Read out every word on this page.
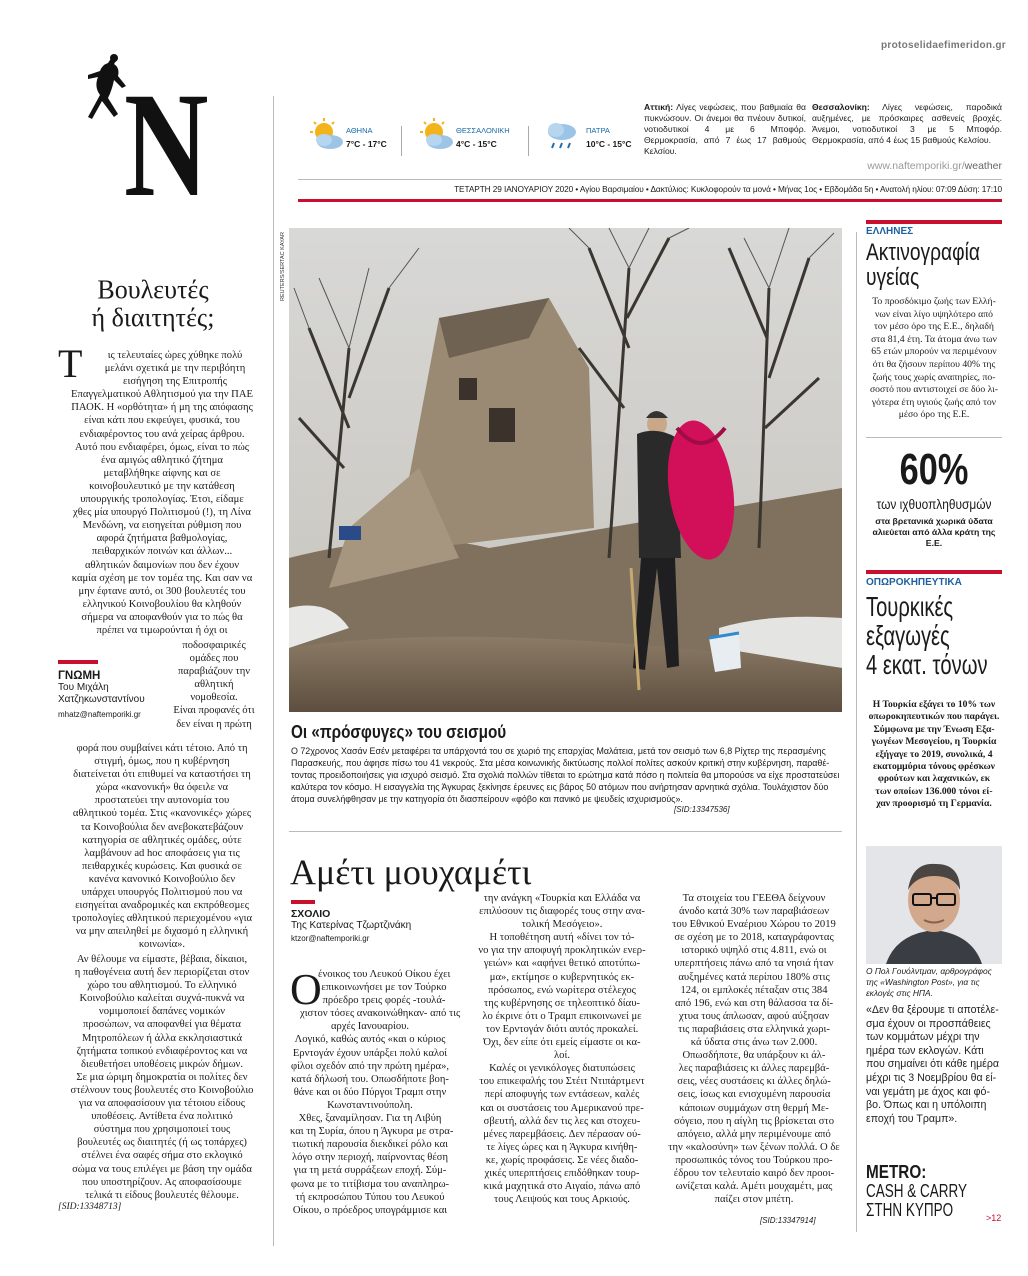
protoselidaefimeridon.gr
N	ΑΘΗΝΑ
7°C - 17°C
ΘΕΣΣΑΛΟΝΙΚΗ
4°C - 15°C
ΠΑΤΡΑ
10°C - 15°C
Αττική: Λίγες νεφώσεις, που βαθμιαία θα πυκνώσουν. Οι άνεμοι θα πνέουν δυτικοί, νοτιοδυτικοί 4 με 6 Μποφόρ. Θερμοκρασία, από 7 έως 17 βαθμούς Κελσίου.
Θεσσαλονίκη: Λίγες νεφώσεις, παροδικά αυξημένες, με πρόσκαιρες ασθενείς βροχές. Άνεμοι, νοτιοδυτικοί 3 με 5 Μποφόρ. Θερμοκρασία, από 4 έως 15 βαθμούς Κελσίου.
www.naftemporiki.gr/weather
ΤΕΤΑΡΤΗ 29 ΙΑΝΟΥΑΡΙΟΥ 2020 • Αγίου Βαρσιμαίου • Δακτύλιος: Κυκλοφορούν τα μονά • Μήνας 1ος • Εβδομάδα 5η • Ανατολή ηλίου: 07:09 Δύση: 17:10
Βουλευτές
ή διαιτητές;
Τ	ις τελευταίες ώρες χύθηκε πολύ
μελάνι σχετικά με την περιβόητη
εισήγηση της Επιτροπής
Επαγγελματικού Αθλητισμού για την ΠΑΕ
ΠΑΟΚ. Η «ορθότητα» ή μη της απόφασης
είναι κάτι που εκφεύγει, φυσικά, του
ενδιαφέροντος του ανά χείρας άρθρου.
Αυτό που ενδιαφέρει, όμως, είναι το πώς
ένα αμιγώς αθλητικό ζήτημα
μεταβλήθηκε αίφνης και σε
κοινοβουλευτικό με την κατάθεση
υπουργικής τροπολογίας. Έτσι, είδαμε
χθες μία υπουργό Πολιτισμού (!), τη Λίνα
Μενδώνη, να εισηγείται ρύθμιση που
αφορά ζητήματα βαθμολογίας,
πειθαρχικών ποινών και άλλων...
αθλητικών δαιμονίων που δεν έχουν
καμία σχέση με τον τομέα της. Και σαν να
μην έφτανε αυτό, οι 300 βουλευτές του
ελληνικού Κοινοβουλίου θα κληθούν
σήμερα να αποφανθούν για το πώς θα
πρέπει να τιμωρούνται ή όχι οι
ποδοσφαιρικές
ομάδες που
παραβιάζουν την
αθλητική
νομοθεσία.
Είναι προφανές ότι
δεν είναι η πρώτη
ΓΝΩΜΗ
Του Μιχάλη
Χατζηκωνσταντίνου
mhatz@naftemporiki.gr
φορά που συμβαίνει κάτι τέτοιο. Από τη
στιγμή, όμως, που η κυβέρνηση
διατείνεται ότι επιθυμεί να καταστήσει τη
χώρα «κανονική» θα όφειλε να
προστατεύει την αυτονομία του
αθλητικού τομέα. Στις «κανονικές» χώρες
τα Κοινοβούλια δεν ανεβοκατεβάζουν
κατηγορία σε αθλητικές ομάδες, ούτε
λαμβάνουν ad hoc αποφάσεις για τις
πειθαρχικές κυρώσεις. Και φυσικά σε
κανένα κανονικό Κοινοβούλιο δεν
υπάρχει υπουργός Πολιτισμού που να
εισηγείται αναδρομικές και εκπρόθεσμες
τροπολογίες αθλητικού περιεχομένου «για
να μην απειληθεί με διχασμό η ελληνική
κοινωνία».
Αν θέλουμε να είμαστε, βέβαια, δίκαιοι,
η παθογένεια αυτή δεν περιορίζεται στον
χώρο του αθλητισμού. Το ελληνικό
Κοινοβούλιο καλείται συχνά-πυκνά να
νομιμοποιεί δαπάνες νομικών
προσώπων, να αποφανθεί για θέματα
Μητροπόλεων ή άλλα εκκλησιαστικά
ζητήματα τοπικού ενδιαφέροντος και να
διευθετήσει υποθέσεις μικρών δήμων.
Σε μια ώριμη δημοκρατία οι πολίτες δεν
στέλνουν τους βουλευτές στο Κοινοβούλιο
για να αποφασίσουν για τέτοιου είδους
υποθέσεις. Αντίθετα ένα πολιτικό
σύστημα που χρησιμοποιεί τους
βουλευτές ως διαιτητές (ή ως τοπάρχες)
στέλνει ένα σαφές σήμα στο εκλογικό
σώμα να τους επιλέγει με βάση την ομάδα
που υποστηρίζουν. Ας αποφασίσουμε
τελικά τι είδους βουλευτές θέλουμε.
[SID:13348713]
REUTERS/SERTAC KAYAR
Οι «πρόσφυγες» του σεισμού
Ο 72χρονος Χασάν Εσέν μεταφέρει τα υπάρχοντά του σε χωριό της επαρχίας Μαλάτεια, μετά τον σεισμό των 6,8 Ρίχτερ της περασμένης
Παρασκευής, που άφησε πίσω του 41 νεκρούς. Στα μέσα κοινωνικής δικτύωσης πολλοί πολίτες ασκούν κριτική στην κυβέρνηση, παραθέ-
τοντας προειδοποιήσεις για ισχυρό σεισμό. Στα σχολιά πολλών τίθεται το ερώτημα κατά πόσο η πολιτεία θα μπορούσε να είχε προστατεύσει
καλύτερα τον κόσμο. Η εισαγγελία της Άγκυρας ξεκίνησε έρευνες εις βάρος 50 ατόμων που ανήρτησαν αρνητικά σχόλια. Τουλάχιστον δύο
άτομα συνελήφθησαν με την κατηγορία ότι διασπείρουν «φόβο και πανικό με ψευδείς ισχυρισμούς».
[SID:13347536]
Αμέτι μουχαμέτι
ΣΧΟΛΙΟ
Της Κατερίνας Τζωρτζινάκη
ktzor@naftemporiki.gr
Ο
ένοικος του Λευκού Οίκου έχει
επικοινωνήσει με τον Τούρκο
πρόεδρο τρεις φορές -τουλά-
χιστον τόσες ανακοινώθηκαν- από τις
αρχές Ιανουαρίου.
Λογικό, καθώς αυτός «και ο κύριος
Ερντογάν έχουν υπάρξει πολύ καλοί
φίλοι σχεδόν από την πρώτη ημέρα»,
κατά δήλωσή του. Οπωσδήποτε βοη-
θάνε και οι δύο Πύργοι Τραμπ στην
Κωνσταντινούπολη.
Χθες, ξαναμίλησαν. Για τη Λιβύη
και τη Συρία, όπου η Άγκυρα με στρα-
τιωτική παρουσία διεκδικεί ρόλο και
λόγο στην περιοχή, παίρνοντας θέση
για τη μετά συρράξεων εποχή. Σύμ-
φωνα με το τιτίβισμα του αναπληρω-
τή εκπροσώπου Τύπου του Λευκού
Οίκου, ο πρόεδρος υπογράμμισε και
την ανάγκη «Τουρκία και Ελλάδα να
επιλύσουν τις διαφορές τους στην ανα-
τολική Μεσόγειο».
Η τοποθέτηση αυτή «δίνει τον τό-
νο για την αποφυγή προκλητικών ενερ-
γειών» και «αφήνει θετικό αποτύπω-
μα», εκτίμησε ο κυβερνητικός εκ-
πρόσωπος, ενώ νωρίτερα στέλεχος
της κυβέρνησης σε τηλεοπτικό δίαυ-
λο έκρινε ότι ο Τραμπ επικοινωνεί με
τον Ερντογάν διότι αυτός προκαλεί.
Όχι, δεν είπε ότι εμείς είμαστε οι κα-
λοί.
Καλές οι γενικόλογες διατυπώσεις
του επικεφαλής του Στέιτ Ντιπάρτμεντ
περί αποφυγής των εντάσεων, καλές
και οι συστάσεις του Αμερικανού πρε-
σβευτή, αλλά δεν τις λες και στοχευ-
μένες παρεμβάσεις. Δεν πέρασαν ού-
τε λίγες ώρες και η Άγκυρα κινήθη-
κε, χωρίς προφάσεις. Σε νέες διαδο-
χικές υπερπτήσεις επιδόθηκαν τουρ-
κικά μαχητικά στο Αιγαίο, πάνω από
τους Λειψούς και τους Αρκιούς.
Τα στοιχεία του ΓΕΕΘΑ δείχνουν
άνοδο κατά 30% των παραβιάσεων
του Εθνικού Εναέριου Χώρου το 2019
σε σχέση με το 2018, καταγράφοντας
ιστορικό υψηλό στις 4.811, ενώ οι
υπερπτήσεις πάνω από τα νησιά ήταν
αυξημένες κατά περίπου 180% στις
124, οι εμπλοκές πέταξαν στις 384
από 196, ενώ και στη θάλασσα τα δί-
χτυα τους άπλωσαν, αφού αύξησαν
τις παραβιάσεις στα ελληνικά χωρι-
κά ύδατα στις άνω των 2.000.
Οπωσδήποτε, θα υπάρξουν κι άλ-
λες παραβιάσεις κι άλλες παρεμβά-
σεις, νέες συστάσεις κι άλλες δηλώ-
σεις, ίσως και ενισχυμένη παρουσία
κάποιων συμμάχων στη θερμή Με-
σόγειο, που η αίγλη τις βρίσκεται στο
απόγειο, αλλά μην περιμένουμε από
την «καλοσύνη» των ξένων πολλά. Ο δε
προσωπικός τόνος του Τούρκου προ-
έδρου τον τελευταίο καιρό δεν προοι-
ωνίζεται καλά. Αμέτι μουχαμέτι, μας
παίζει στον μπέτη.
[SID:13347914]
ΕΛΛΗΝΕΣ
Ακτινογραφία
υγείας
Το προσδόκιμο ζωής των Ελλή-
νων είναι λίγο υψηλότερο από
τον μέσο όρο της Ε.Ε., δηλαδή
στα 81,4 έτη. Τα άτομα άνω των
65 ετών μπορούν να περιμένουν
ότι θα ζήσουν περίπου 40% της
ζωής τους χωρίς αναπηρίες, πο-
σοστό που αντιστοιχεί σε δύο λι-
γότερα έτη υγιούς ζωής από τον
μέσο όρο της Ε.Ε.
60%
των ιχθυοπληθυσμών
στα βρετανικά χωρικά ύδατα
αλιεύεται από άλλα κράτη της Ε.Ε.
ΟΠΩΡΟΚΗΠΕΥΤΙΚΑ
Τουρκικές
εξαγωγές
4 εκατ. τόνων
Η Τουρκία εξάγει το 10% των
οπωροκηπευτικών που παράγει.
Σύμφωνα με την Ένωση Εξα-
γωγέων Μεσογείου, η Τουρκία
εξήγαγε το 2019, συνολικά, 4
εκατομμύρια τόνους φρέσκων
φρούτων και λαχανικών, εκ
των οποίων 136.000 τόνοι εί-
χαν προορισμό τη Γερμανία.
Ο Πολ Γουόλντμαν, αρθρογράφος
της «Washington Post», για τις
εκλογές στις ΗΠΑ.
«Δεν θα ξέρουμε τι αποτέλε-
σμα έχουν οι προσπάθειες
των κομμάτων μέχρι την
ημέρα των εκλογών. Κάτι
που σημαίνει ότι κάθε ημέρα
μέχρι τις 3 Νοεμβρίου θα εί-
ναι γεμάτη με άχος και φό-
βο. Όπως και η υπόλοιπη
εποχή του Τραμπ».
METRO:
CASH & CARRY
ΣΤΗΝ ΚΥΠΡΟ	>12
